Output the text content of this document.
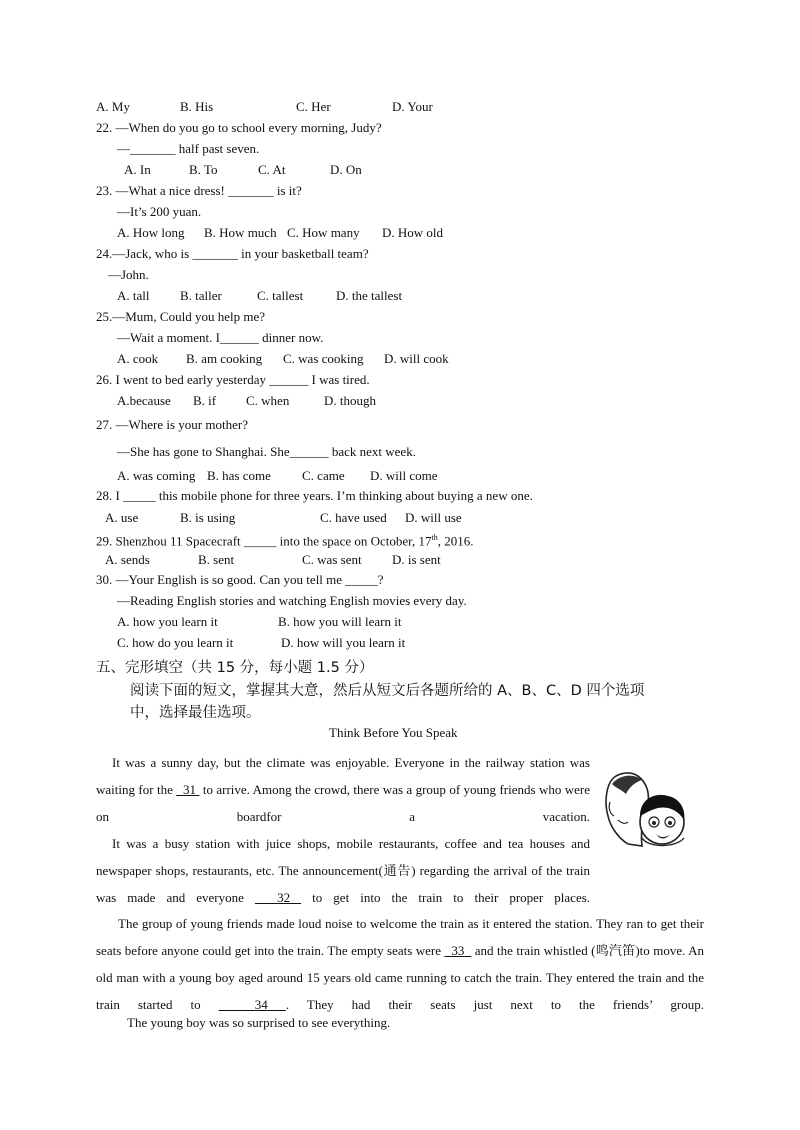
A. My	B. His	C. Her	D. Your
22. —When do you go to school every morning, Judy?
—_______ half past seven.
A. In	B. To	C. At	D. On
23. —What a nice dress! _______ is it?
—It’s 200 yuan.
A. How long B. How much C. How many D. How old
24.—Jack, who is _______ in your basketball team?
—John.
A. tall B. taller	C. tallest	D. the tallest
25.—Mum, Could you help me?
—Wait a moment. I______ dinner now.
A. cook B. am cooking C. was cooking D. will cook
26. I went to bed early yesterday ______ I was tired.
A.because B. if C. when	D. though
27. —Where is your mother?
—She has gone to Shanghai. She______ back next week.
A. was coming B. has come C. came D. will come
28. I _____ this mobile phone for three years. I’m thinking about buying a new one.
A. use	B. is using	C. have used D. will use
29. Shenzhou 11 Spacecraft _____ into the space on October, 17th, 2016.
A. sends	B. sent	C. was sent D. is sent
30. —Your English is so good. Can you tell me _____?
—Reading English stories and watching English movies every day.
A. how you learn it	B. how you will learn it
C. how do you learn it	D. how will you learn it
五、完形填空（共 15 分，每小题 1.5 分）
阅读下面的短文，掌握其大意，然后从短文后各题所给的 A、B、C、D 四个选项
中，选择最佳选项。
Think Before You Speak
It was a sunny day, but the climate was enjoyable. Everyone in the railway station was waiting for the   31  to arrive. Among the crowd, there was a group of young friends who were on boardfor a vacation.
It was a busy station with juice shops, mobile restaurants, coffee and tea houses and newspaper shops, restaurants, etc. The announcement(通告) regarding the arrival of the train was made and everyone   32  to get into the train to their proper places.
The group of young friends made loud noise to welcome the train as it entered the station. They ran to get their seats before anyone could get into the train. The empty seats were   33   and the train whistled (鸣汽笛)to move. An old man with a young boy aged around 15 years old came running to catch the train. They entered the train and the train started to	34 . They had their seats just next to the friends’ group.
The young boy was so surprised to see everything.
